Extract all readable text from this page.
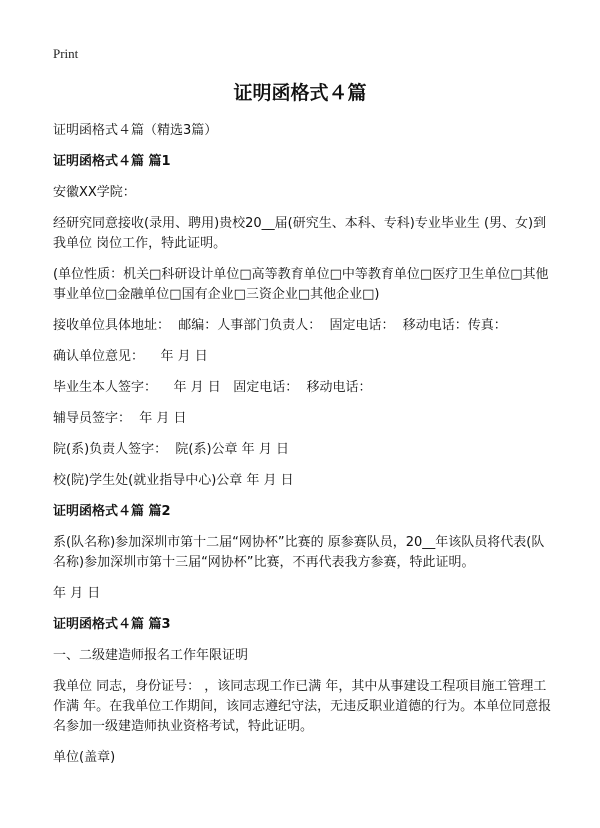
Print
证明函格式４篇

证明函格式４篇（精选3篇）

证明函格式４篇 篇1

安徽XX学院：

经研究同意接收(录用、聘用)贵校20__届(研究生、本科、专科)专业毕业生 (男、女)到我单位 岗位工作，特此证明。

(单位性质：机关□科研设计单位□高等教育单位□中等教育单位□医疗卫生单位□其他事业单位□金融单位□国有企业□三资企业□其他企业□)

接收单位具体地址：  邮编：人事部门负责人：  固定电话：  移动电话：传真：

确认单位意见：    年 月 日

毕业生本人签字：    年 月 日   固定电话：  移动电话：

辅导员签字：  年 月 日

院(系)负责人签字：  院(系)公章 年 月 日

校(院)学生处(就业指导中心)公章 年 月 日

证明函格式４篇 篇2

系(队名称)参加深圳市第十二届“网协杯”比赛的 原参赛队员，20__年该队员将代表(队名称)参加深圳市第十三届“网协杯”比赛，不再代表我方参赛，特此证明。

年 月 日

证明函格式４篇 篇3

一、二级建造师报名工作年限证明

我单位 同志，身份证号： ，该同志现工作已满 年，其中从事建设工程项目施工管理工作满 年。在我单位工作期间，该同志遵纪守法，无违反职业道德的行为。本单位同意报名参加一级建造师执业资格考试，特此证明。

单位(盖章)
